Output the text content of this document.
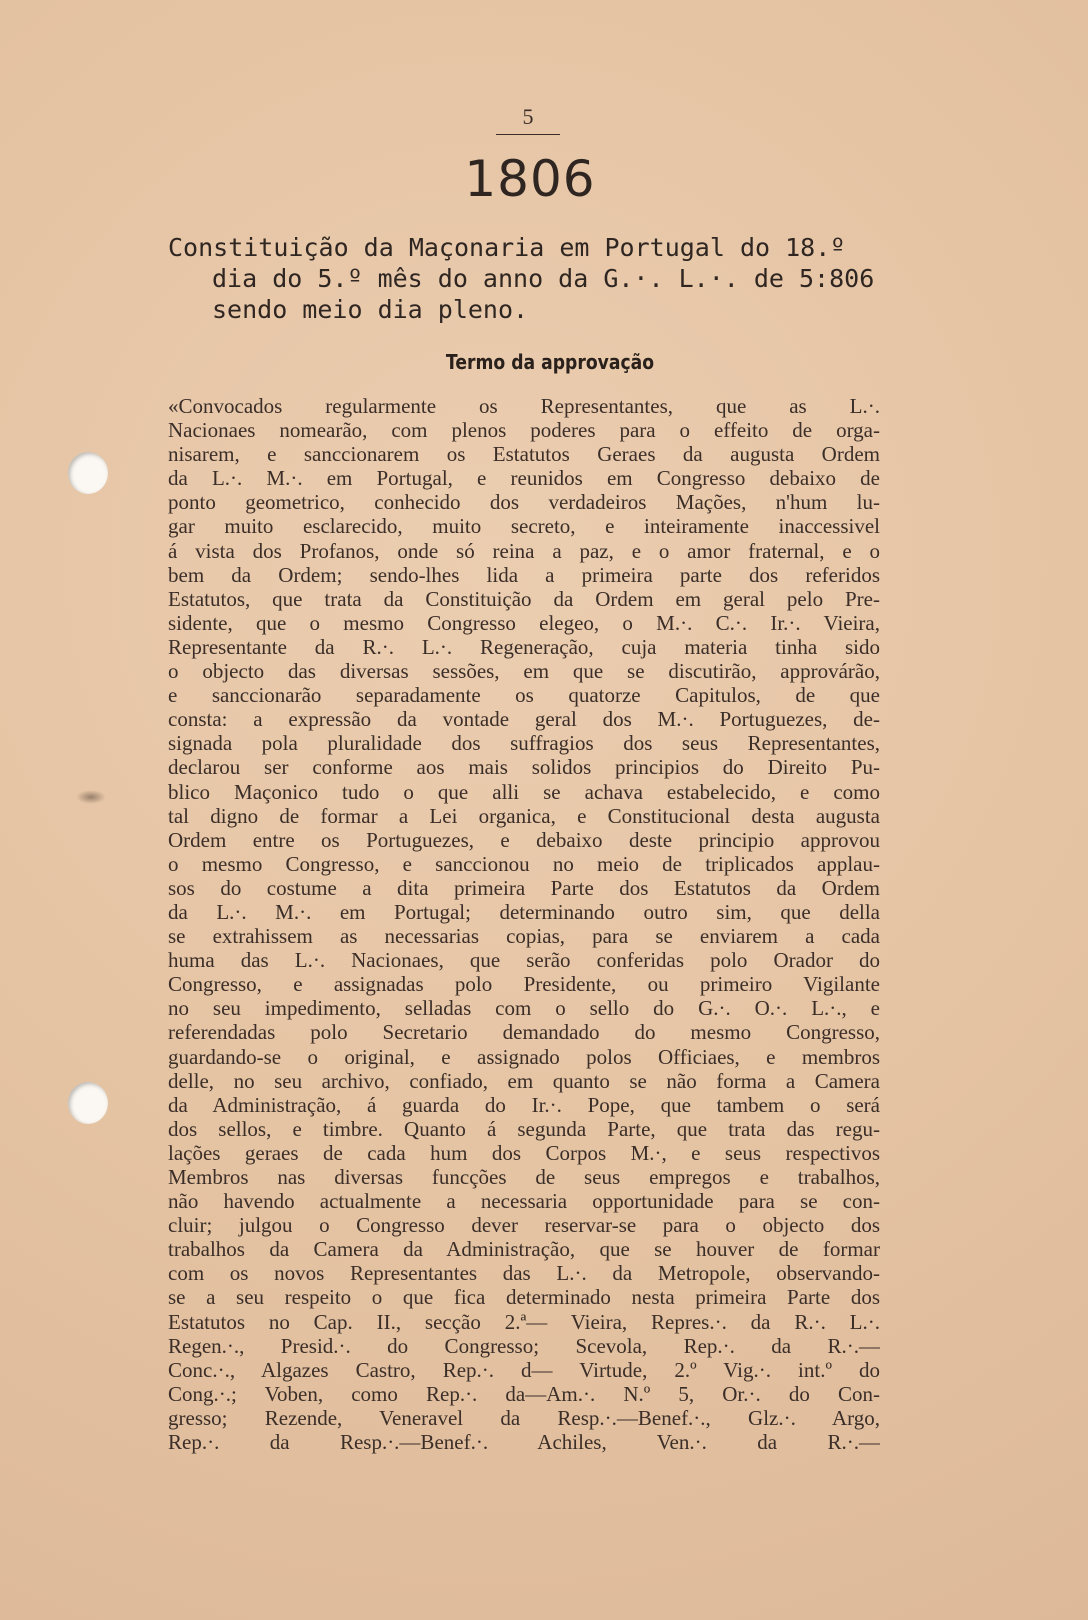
5
1806
Constituição da Maçonaria em Portugal do 18.º
dia do 5.º mês do anno da G.·. L.·. de 5:806
sendo meio dia pleno.
Termo da approvação
«Convocados regularmente os Representantes, que as L.·.
Nacionaes nomearão, com plenos poderes para o effeito de orga-
nisarem, e sanccionarem os Estatutos Geraes da augusta Ordem
da L.·. M.·. em Portugal, e reunidos em Congresso debaixo de
ponto geometrico, conhecido dos verdadeiros Mações, n'hum lu-
gar muito esclarecido, muito secreto, e inteiramente inaccessivel
á vista dos Profanos, onde só reina a paz, e o amor fraternal, e o
bem da Ordem; sendo-lhes lida a primeira parte dos referidos
Estatutos, que trata da Constituição da Ordem em geral pelo Pre-
sidente, que o mesmo Congresso elegeo, o M.·. C.·. Ir.·. Vieira,
Representante da R.·. L.·. Regeneração, cuja materia tinha sido
o objecto das diversas sessões, em que se discutirão, approvárão,
e sanccionarão separadamente os quatorze Capitulos, de que
consta: a expressão da vontade geral dos M.·. Portuguezes, de-
signada pola pluralidade dos suffragios dos seus Representantes,
declarou ser conforme aos mais solidos principios do Direito Pu-
blico Maçonico tudo o que alli se achava estabelecido, e como
tal digno de formar a Lei organica, e Constitucional desta augusta
Ordem entre os Portuguezes, e debaixo deste principio approvou
o mesmo Congresso, e sanccionou no meio de triplicados applau-
sos do costume a dita primeira Parte dos Estatutos da Ordem
da L.·. M.·. em Portugal; determinando outro sim, que della
se extrahissem as necessarias copias, para se enviarem a cada
huma das L.·. Nacionaes, que serão conferidas polo Orador do
Congresso, e assignadas polo Presidente, ou primeiro Vigilante
no seu impedimento, selladas com o sello do G.·. O.·. L.·., e
referendadas polo Secretario demandado do mesmo Congresso,
guardando-se o original, e assignado polos Officiaes, e membros
delle, no seu archivo, confiado, em quanto se não forma a Camera
da Administração, á guarda do Ir.·. Pope, que tambem o será
dos sellos, e timbre. Quanto á segunda Parte, que trata das regu-
lações geraes de cada hum dos Corpos M.·, e seus respectivos
Membros nas diversas funcções de seus empregos e trabalhos,
não havendo actualmente a necessaria opportunidade para se con-
cluir; julgou o Congresso dever reservar-se para o objecto dos
trabalhos da Camera da Administração, que se houver de formar
com os novos Representantes das L.·. da Metropole, observando-
se a seu respeito o que fica determinado nesta primeira Parte dos
Estatutos no Cap. II., secção 2.ª— Vieira, Repres.·. da R.·. L.·.
Regen.·., Presid.·. do Congresso; Scevola, Rep.·. da R.·.—
Conc.·., Algazes Castro, Rep.·. d— Virtude, 2.º Vig.·. int.º do
Cong.·.; Voben, como Rep.·. da—Am.·. N.º 5, Or.·. do Con-
gresso; Rezende, Veneravel da Resp.·.—Benef.·., Glz.·. Argo,
Rep.·. da Resp.·.—Benef.·. Achiles, Ven.·. da R.·.—
